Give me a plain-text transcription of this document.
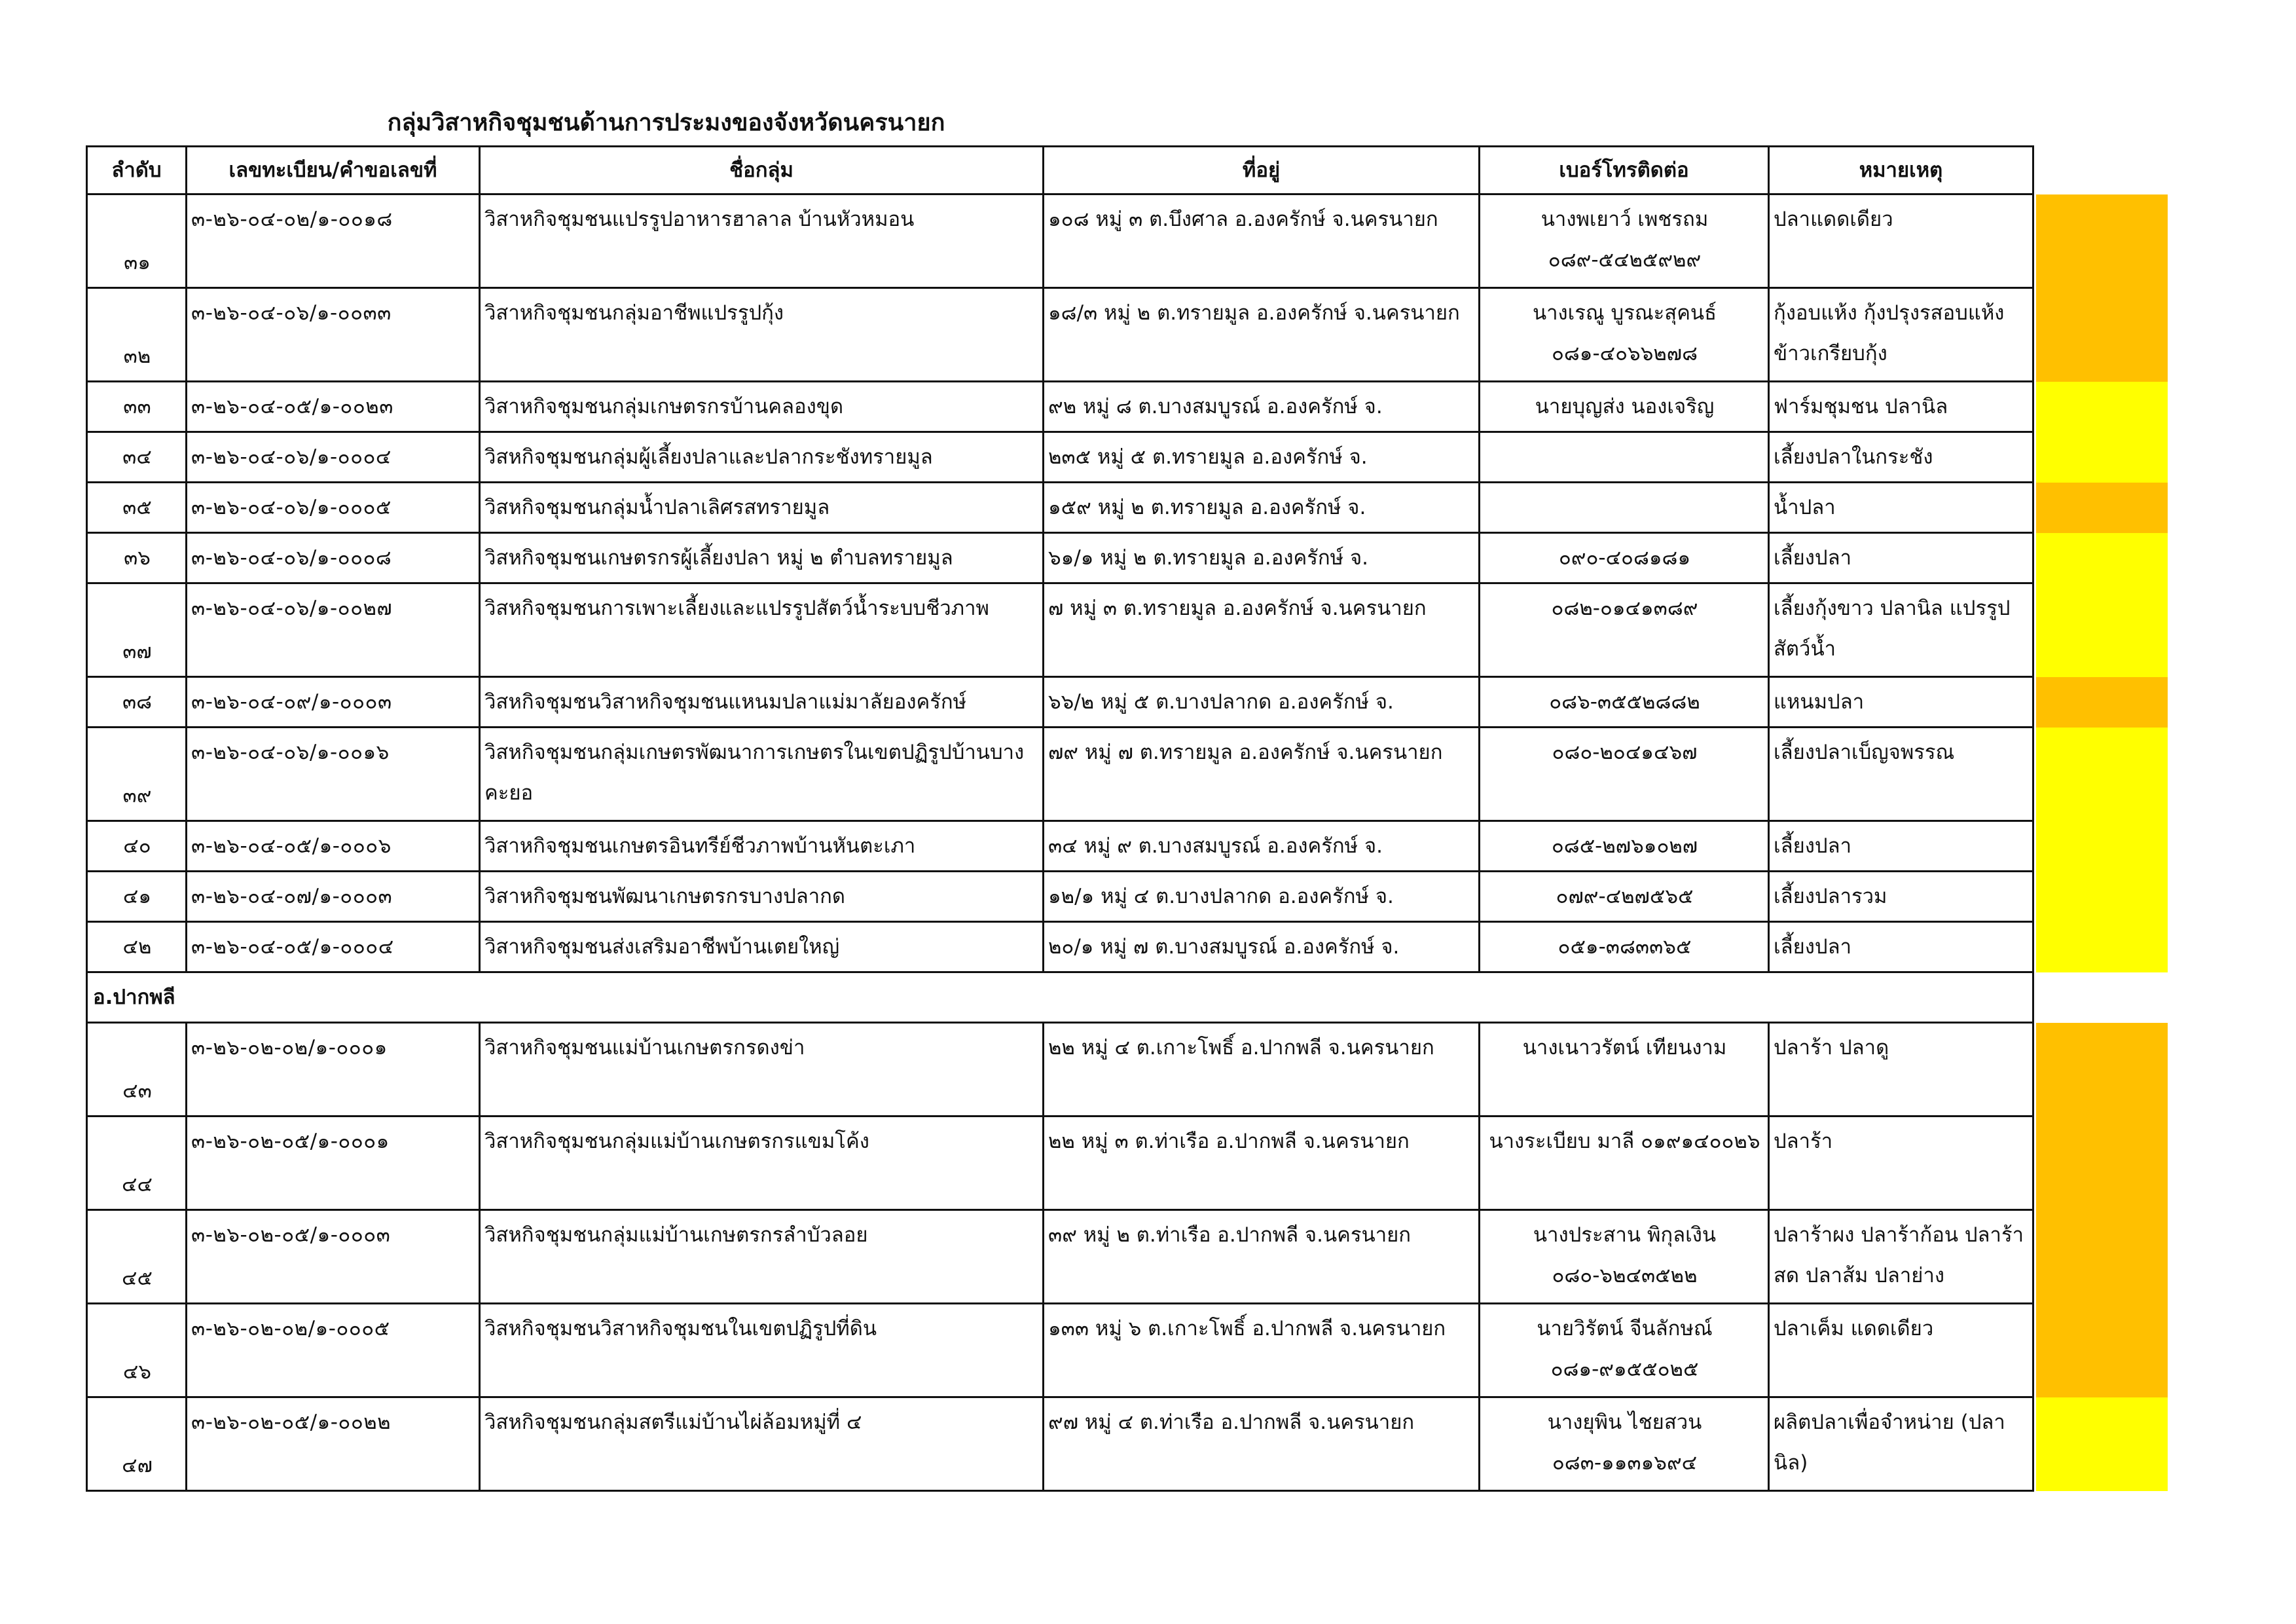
กลุ่มวิสาหกิจชุมชนด้านการประมงของจังหวัดนครนายก
ลำดับ	เลขทะเบียน/คำขอเลขที่	ชื่อกลุ่ม	ที่อยู่	เบอร์โทรติดต่อ	หมายเหตุ
๓๑	๓-๒๖-๐๔-๐๒/๑-๐๐๑๘	วิสาหกิจชุมชนแปรรูปอาหารฮาลาล บ้านหัวหมอน	๑๐๘ หมู่ ๓ ต.บึงศาล อ.องครักษ์ จ.นครนายก	นางพเยาว์ เพชรถม ๐๘๙-๕๔๒๕๙๒๙	ปลาแดดเดียว
๓๒	๓-๒๖-๐๔-๐๖/๑-๐๐๓๓	วิสาหกิจชุมชนกลุ่มอาชีพแปรรูปกุ้ง	๑๘/๓ หมู่ ๒ ต.ทรายมูล อ.องครักษ์ จ.นครนายก	นางเรณู บูรณะสุคนธ์ ๐๘๑-๔๐๖๖๒๗๘	กุ้งอบแห้ง กุ้งปรุงรสอบแห้ง ข้าวเกรียบกุ้ง
๓๓	๓-๒๖-๐๔-๐๕/๑-๐๐๒๓	วิสาหกิจชุมชนกลุ่มเกษตรกรบ้านคลองขุด	๙๒ หมู่ ๘ ต.บางสมบูรณ์ อ.องครักษ์ จ.	นายบุญส่ง นองเจริญ	ฟาร์มชุมชน ปลานิล
๓๔	๓-๒๖-๐๔-๐๖/๑-๐๐๐๔	วิสหกิจชุมชนกลุ่มผู้เลี้ยงปลาและปลากระชังทรายมูล	๒๓๕ หมู่ ๕ ต.ทรายมูล อ.องครักษ์ จ.		เลี้ยงปลาในกระชัง
๓๕	๓-๒๖-๐๔-๐๖/๑-๐๐๐๕	วิสหกิจชุมชนกลุ่มน้ำปลาเลิศรสทรายมูล	๑๕๙ หมู่ ๒ ต.ทรายมูล อ.องครักษ์ จ.		น้ำปลา
๓๖	๓-๒๖-๐๔-๐๖/๑-๐๐๐๘	วิสหกิจชุมชนเกษตรกรผู้เลี้ยงปลา หมู่ ๒ ตำบลทรายมูล	๖๑/๑ หมู่ ๒ ต.ทรายมูล อ.องครักษ์ จ.	๐๙๐-๔๐๘๑๘๑	เลี้ยงปลา
๓๗	๓-๒๖-๐๔-๐๖/๑-๐๐๒๗	วิสหกิจชุมชนการเพาะเลี้ยงและแปรรูปสัตว์น้ำระบบชีวภาพ	๗ หมู่ ๓ ต.ทรายมูล อ.องครักษ์ จ.นครนายก	๐๘๒-๐๑๔๑๓๘๙	เลี้ยงกุ้งขาว ปลานิล แปรรูปสัตว์น้ำ
๓๘	๓-๒๖-๐๔-๐๙/๑-๐๐๐๓	วิสหกิจชุมชนวิสาหกิจชุมชนแหนมปลาแม่มาลัยองครักษ์	๖๖/๒ หมู่ ๕ ต.บางปลากด อ.องครักษ์ จ.	๐๘๖-๓๕๕๒๘๘๒	แหนมปลา
๓๙	๓-๒๖-๐๔-๐๖/๑-๐๐๑๖	วิสหกิจชุมชนกลุ่มเกษตรพัฒนาการเกษตรในเขตปฏิรูปบ้านบางคะยอ	๗๙ หมู่ ๗ ต.ทรายมูล อ.องครักษ์ จ.นครนายก	๐๘๐-๒๐๔๑๔๖๗	เลี้ยงปลาเบ็ญจพรรณ
๔๐	๓-๒๖-๐๔-๐๕/๑-๐๐๐๖	วิสาหกิจชุมชนเกษตรอินทรีย์ชีวภาพบ้านหันตะเภา	๓๔ หมู่ ๙ ต.บางสมบูรณ์ อ.องครักษ์ จ.	๐๘๕-๒๗๖๑๐๒๗	เลี้ยงปลา
๔๑	๓-๒๖-๐๔-๐๗/๑-๐๐๐๓	วิสาหกิจชุมชนพัฒนาเกษตรกรบางปลากด	๑๒/๑ หมู่ ๔ ต.บางปลากด อ.องครักษ์ จ.	๐๗๙-๔๒๗๕๖๕	เลี้ยงปลารวม
๔๒	๓-๒๖-๐๔-๐๕/๑-๐๐๐๔	วิสาหกิจชุมชนส่งเสริมอาชีพบ้านเตยใหญ่	๒๐/๑ หมู่ ๗ ต.บางสมบูรณ์ อ.องครักษ์ จ.	๐๕๑-๓๘๓๓๖๕	เลี้ยงปลา
อ.ปากพลี					
๔๓	๓-๒๖-๐๒-๐๒/๑-๐๐๐๑	วิสาหกิจชุมชนแม่บ้านเกษตรกรดงข่า	๒๒ หมู่ ๔ ต.เกาะโพธิ์ อ.ปากพลี จ.นครนายก	นางเนาวรัตน์ เทียนงาม	ปลาร้า ปลาดู
๔๔	๓-๒๖-๐๒-๐๕/๑-๐๐๐๑	วิสาหกิจชุมชนกลุ่มแม่บ้านเกษตรกรแขมโค้ง	๒๒ หมู่ ๓ ต.ท่าเรือ อ.ปากพลี จ.นครนายก	นางระเบียบ มาลี ๐๑๙๑๔๐๐๒๖	ปลาร้า
๔๕	๓-๒๖-๐๒-๐๕/๑-๐๐๐๓	วิสหกิจชุมชนกลุ่มแม่บ้านเกษตรกรลำบัวลอย	๓๙ หมู่ ๒ ต.ท่าเรือ อ.ปากพลี จ.นครนายก	นางประสาน พิกุลเงิน ๐๘๐-๖๒๔๓๕๒๒	ปลาร้าผง ปลาร้าก้อน ปลาร้าสด ปลาส้ม ปลาย่าง
๔๖	๓-๒๖-๐๒-๐๒/๑-๐๐๐๕	วิสหกิจชุมชนวิสาหกิจชุมชนในเขตปฏิรูปที่ดิน	๑๓๓ หมู่ ๖ ต.เกาะโพธิ์ อ.ปากพลี จ.นครนายก	นายวิรัตน์ จีนลักษณ์ ๐๘๑-๙๑๕๕๐๒๕	ปลาเค็ม แดดเดียว
๔๗	๓-๒๖-๐๒-๐๕/๑-๐๐๒๒	วิสหกิจชุมชนกลุ่มสตรีแม่บ้านไผ่ล้อมหมู่ที่ ๔	๙๗ หมู่ ๔ ต.ท่าเรือ อ.ปากพลี จ.นครนายก	นางยุพิน ไชยสวน ๐๘๓-๑๑๓๑๖๙๔	ผลิตปลาเพื่อจำหน่าย (ปลานิล)
